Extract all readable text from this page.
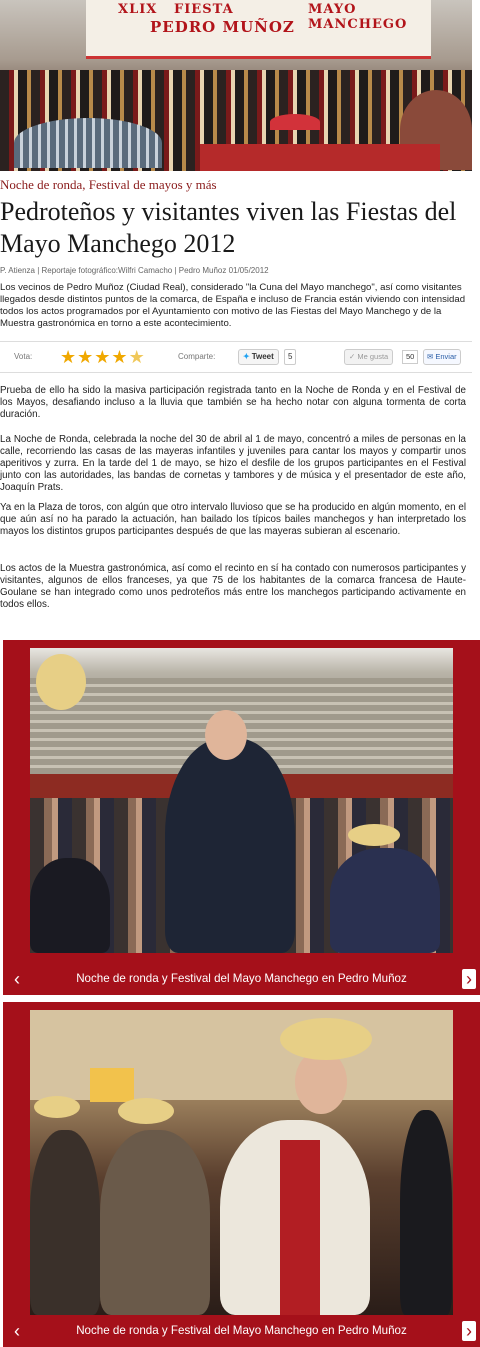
XLIX FIESTA
PEDRO MUÑOZ
MAYO MANCHEGO
Noche de ronda, Festival de mayos y más
Pedroteños y visitantes viven las Fiestas del Mayo Manchego 2012
P. Atienza | Reportaje fotográfico:Wilfri Camacho | Pedro Muñoz 01/05/2012

Los vecinos de Pedro Muñoz (Ciudad Real), considerado "la Cuna del Mayo manchego", así como visitantes llegados desde distintos puntos de la comarca, de España e incluso de Francia están viviendo con intensidad todos los actos programados por el Ayuntamiento con motivo de las Fiestas del Mayo Manchego y de la Muestra gastronómica en torno a este acontecimiento.

Vota: ★ ★ ★ ★ ★	Comparte:	✦ Tweet	5	✓ Me gusta	50	✉ Enviar

Prueba de ello ha sido la masiva participación registrada tanto en la Noche de Ronda y en el Festival de los Mayos, desafiando incluso a la lluvia que también se ha hecho notar con alguna tormenta de corta duración.

La Noche de Ronda, celebrada la noche del 30 de abril al 1 de mayo, concentró a miles de personas en la calle, recorriendo las casas de las mayeras infantiles y juveniles para cantar los mayos y compartir unos aperitivos y zurra. En la tarde del 1 de mayo, se hizo el desfile de los grupos participantes en el Festival junto con las autoridades, las bandas de cornetas y tambores y de música y el presentador de este año, Joaquín Prats.

Ya en la Plaza de toros, con algún que otro intervalo lluvioso que se ha producido en algún momento, en el que aún así no ha parado la actuación, han bailado los típicos bailes manchegos y han interpretado los mayos los distintos grupos participantes después de que las mayeras subieran al escenario.

Los actos de la Muestra gastronómica, así como el recinto en sí ha contado con numerosos participantes y visitantes, algunos de ellos franceses, ya que 75 de los habitantes de la comarca francesa de Haute-Goulane se han integrado como unos pedroteños más entre los manchegos participando activamente en todos ellos.

‹	Noche de ronda y Festival del Mayo Manchego en Pedro Muñoz	›
‹	Noche de ronda y Festival del Mayo Manchego en Pedro Muñoz	›
